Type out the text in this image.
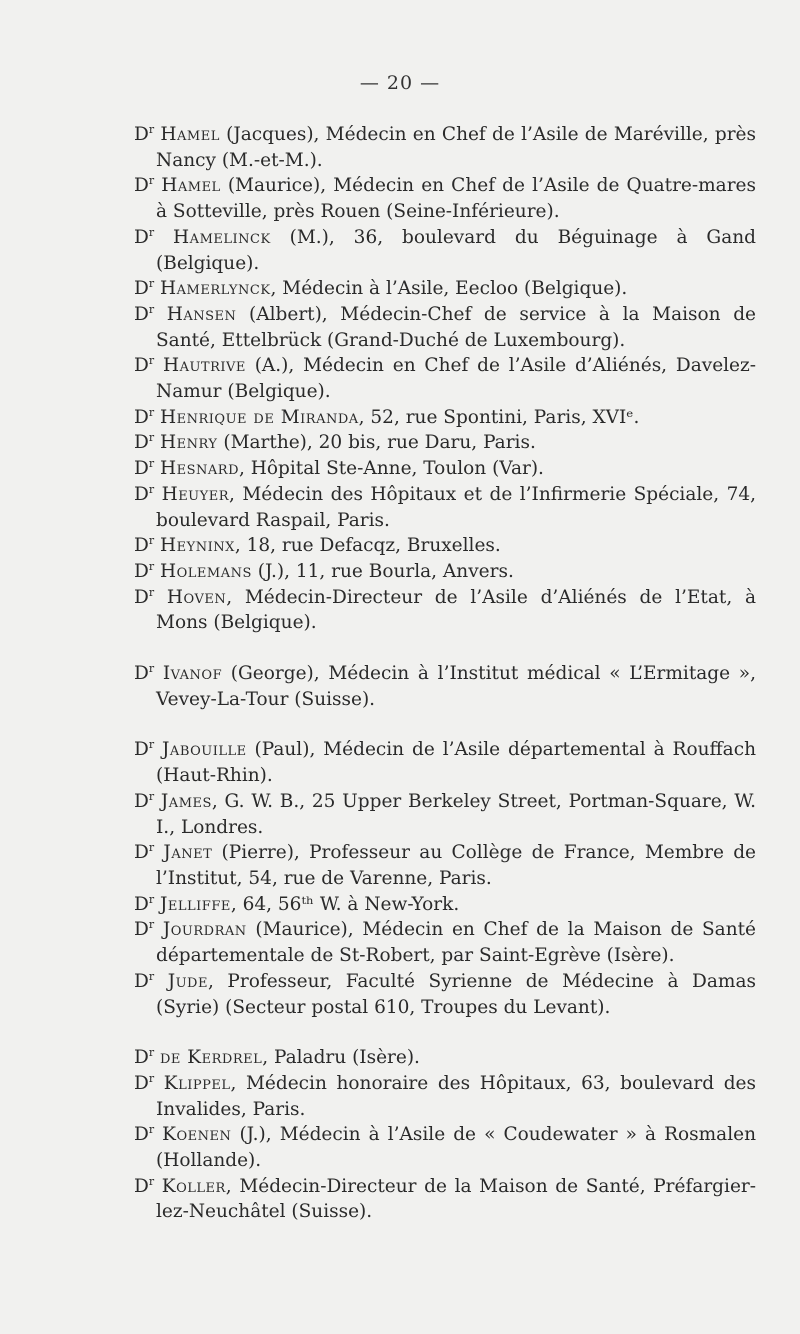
— 20 —

$D^r$ Hamel (Jacques), Médecin en Chef de l’Asile de Maréville, près Nancy (M.-et-M.).

$D^r$ Hamel (Maurice), Médecin en Chef de l’Asile de Quatre-mares à Sotteville, près Rouen (Seine-Inférieure).

$D^r$ Hamelinck (M.), 36, boulevard du Béguinage à Gand (Belgique).

$D^r$ Hamerlynck, Médecin à l’Asile, Eecloo (Belgique).

$D^r$ Hansen (Albert), Médecin-Chef de service à la Maison de Santé, Ettelbrück (Grand-Duché de Luxembourg).

$D^r$ Hautrive (A.), Médecin en Chef de l’Asile d’Aliénés, Davelez-Namur (Belgique).

$D^r$ Henrique de Miranda, 52, rue Spontini, Paris, XVIᵉ.

$D^r$ Henry (Marthe), 20 bis, rue Daru, Paris.

$D^r$ Hesnard, Hôpital Ste-Anne, Toulon (Var).

$D^r$ Heuyer, Médecin des Hôpitaux et de l’Infirmerie Spéciale, 74, boulevard Raspail, Paris.

$D^r$ Heyninx, 18, rue Defacqz, Bruxelles.

$D^r$ Holemans (J.), 11, rue Bourla, Anvers.

$D^r$ Hoven, Médecin-Directeur de l’Asile d’Aliénés de l’Etat, à Mons (Belgique).

$D^r$ Ivanof (George), Médecin à l’Institut médical « L’Ermitage », Vevey-La-Tour (Suisse).

$D^r$ Jabouille (Paul), Médecin de l’Asile départemental à Rouffach (Haut-Rhin).

$D^r$ James, G. W. B., 25 Upper Berkeley Street, Portman-Square, W. I., Londres.

$D^r$ Janet (Pierre), Professeur au Collège de France, Membre de l’Institut, 54, rue de Varenne, Paris.

$D^r$ Jelliffe, 64, 56ᵗʰ W. à New-York.

$D^r$ Jourdran (Maurice), Médecin en Chef de la Maison de Santé départementale de St-Robert, par Saint-Egrève (Isère).

$D^r$ Jude, Professeur, Faculté Syrienne de Médecine à Damas (Syrie) (Secteur postal 610, Troupes du Levant).

$D^r$ de Kerdrel, Paladru (Isère).

$D^r$ Klippel, Médecin honoraire des Hôpitaux, 63, boulevard des Invalides, Paris.

$D^r$ Koenen (J.), Médecin à l’Asile de « Coudewater » à Rosmalen (Hollande).

$D^r$ Koller, Médecin-Directeur de la Maison de Santé, Préfargier-lez-Neuchâtel (Suisse).
